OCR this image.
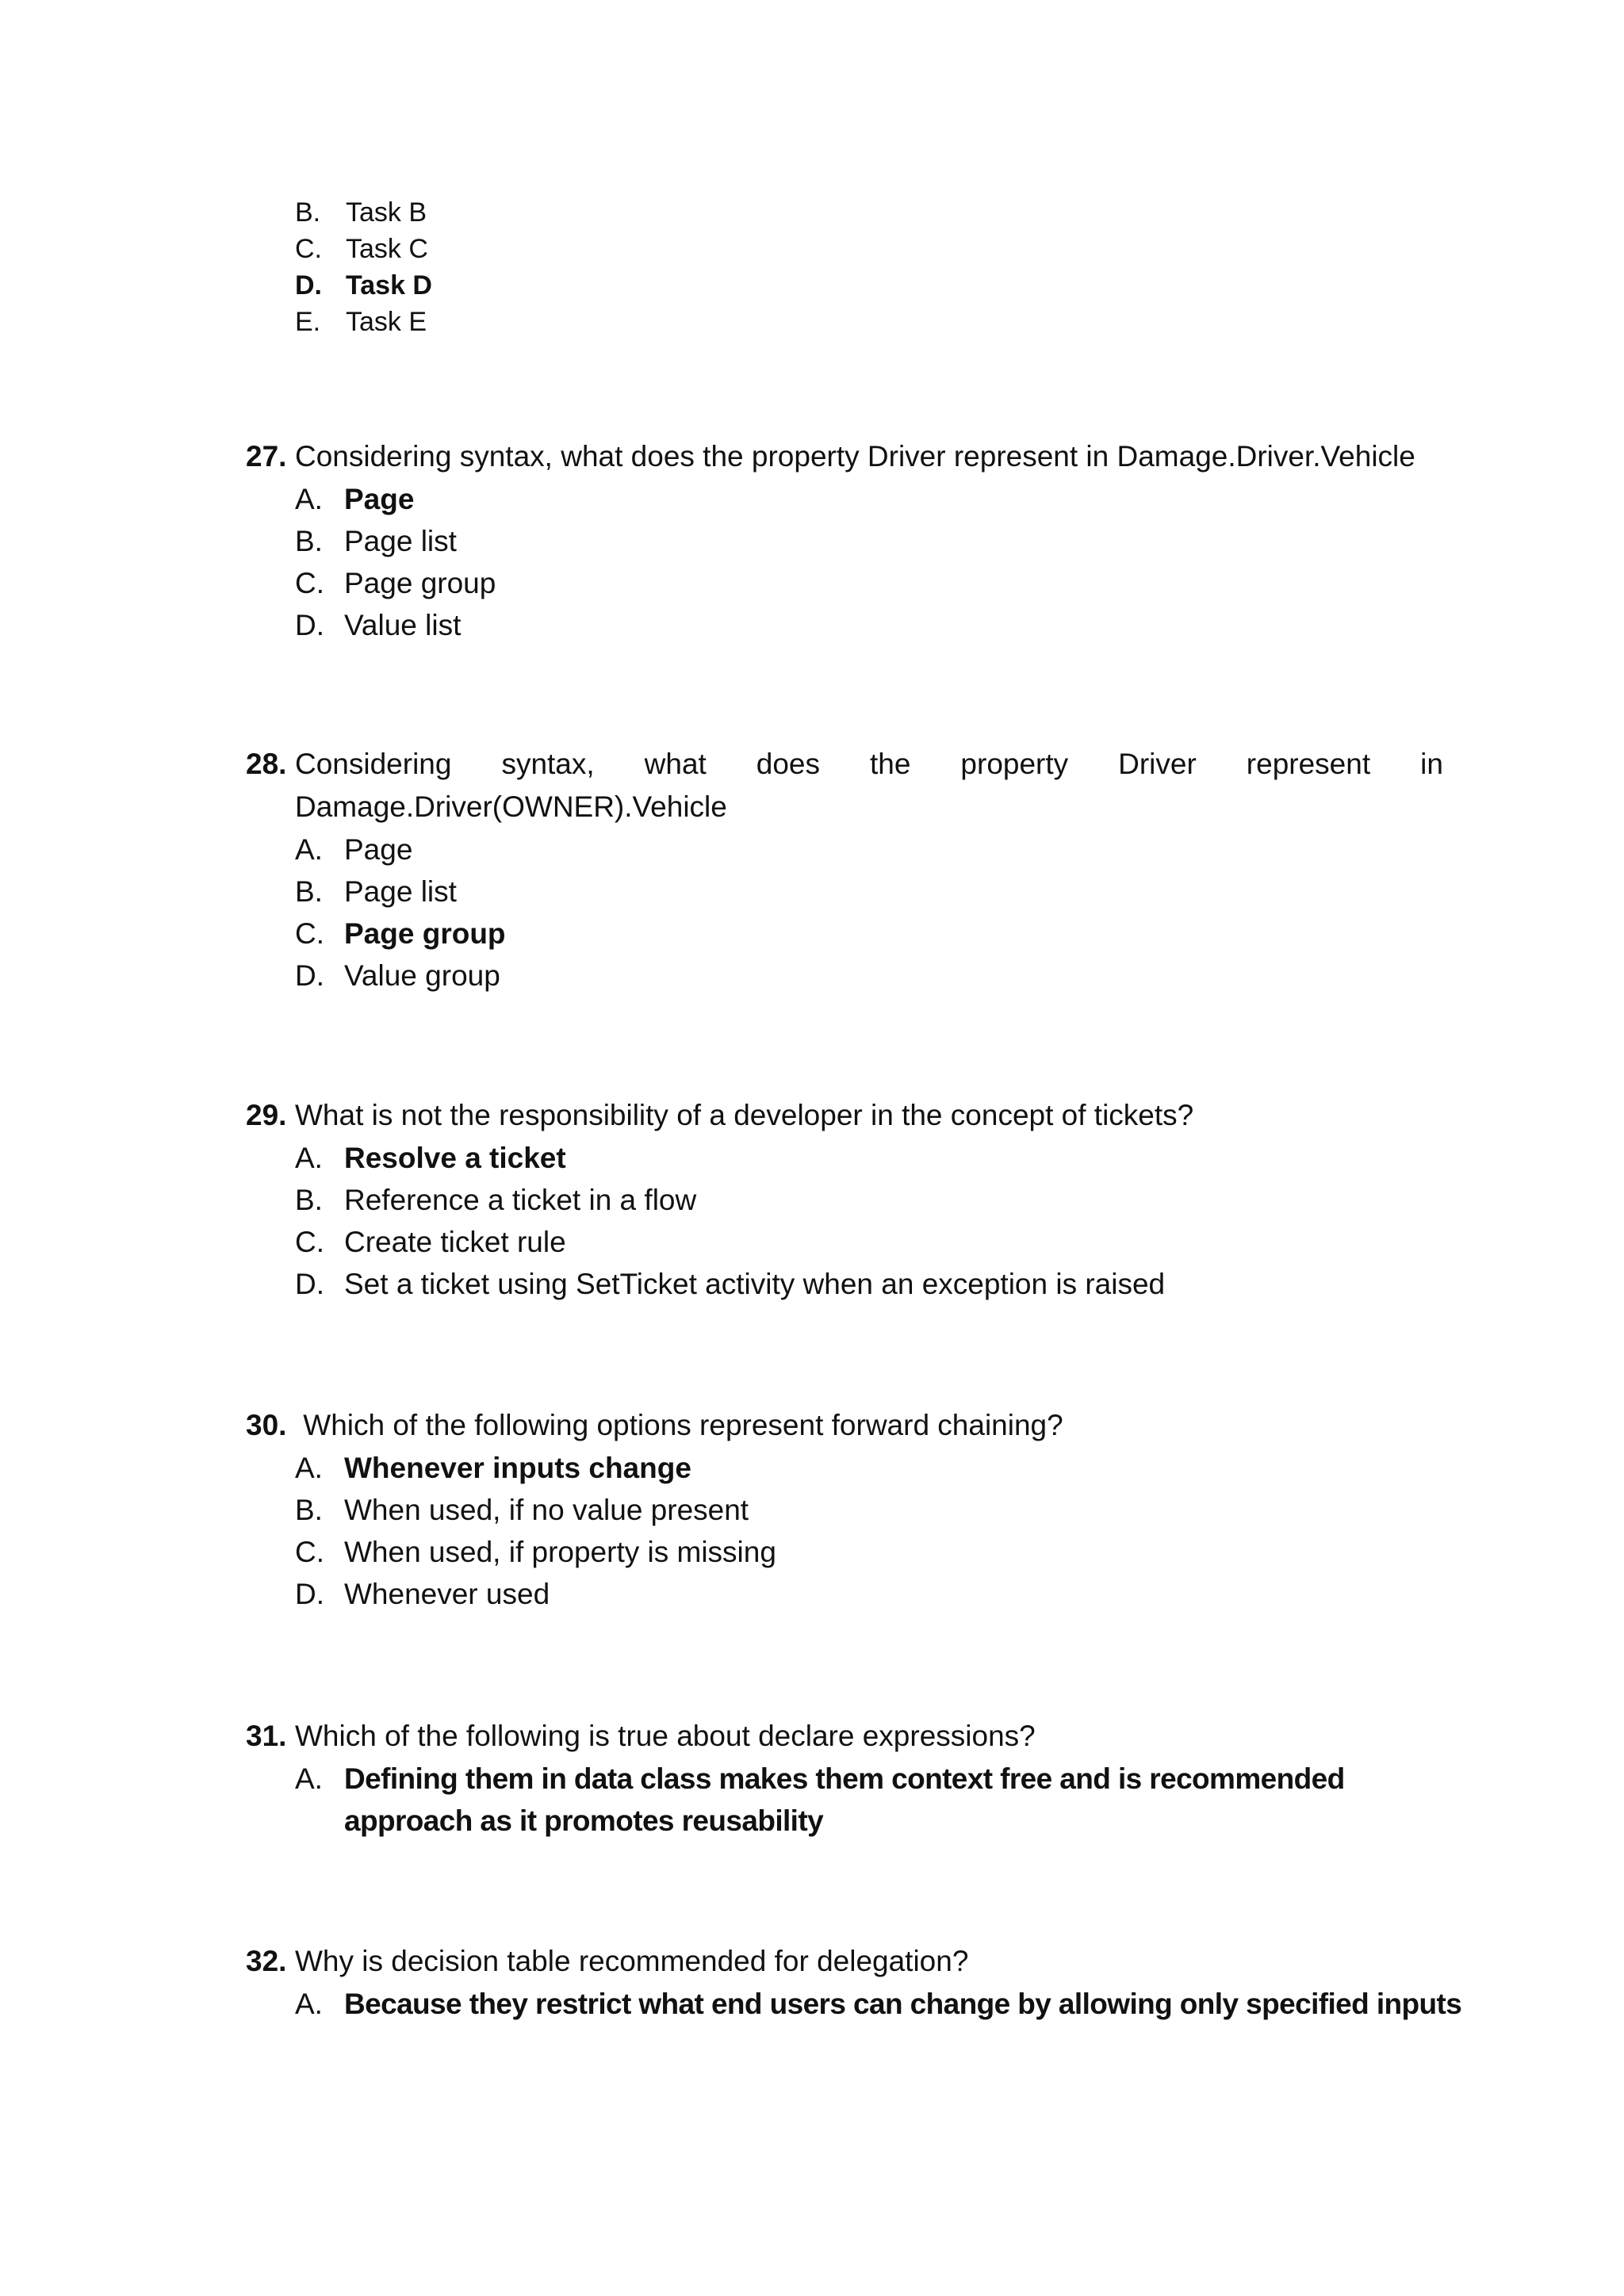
B. Task B
C. Task C
D. Task D
E. Task E
27. Considering syntax, what does the property Driver represent in Damage.Driver.Vehicle
A. Page
B. Page list
C. Page group
D. Value list
28. Considering syntax, what does the property Driver represent in
Damage.Driver(OWNER).Vehicle
A. Page
B. Page list
C. Page group
D. Value group
29. What is not the responsibility of a developer in the concept of tickets?
A. Resolve a ticket
B. Reference a ticket in a flow
C. Create ticket rule
D. Set a ticket using SetTicket activity when an exception is raised
30. Which of the following options represent forward chaining?
A. Whenever inputs change
B. When used, if no value present
C. When used, if property is missing
D. Whenever used
31. Which of the following is true about declare expressions?
A. Defining them in data class makes them context free and is recommended approach as it promotes reusability
32. Why is decision table recommended for delegation?
A. Because they restrict what end users can change by allowing only specified inputs
